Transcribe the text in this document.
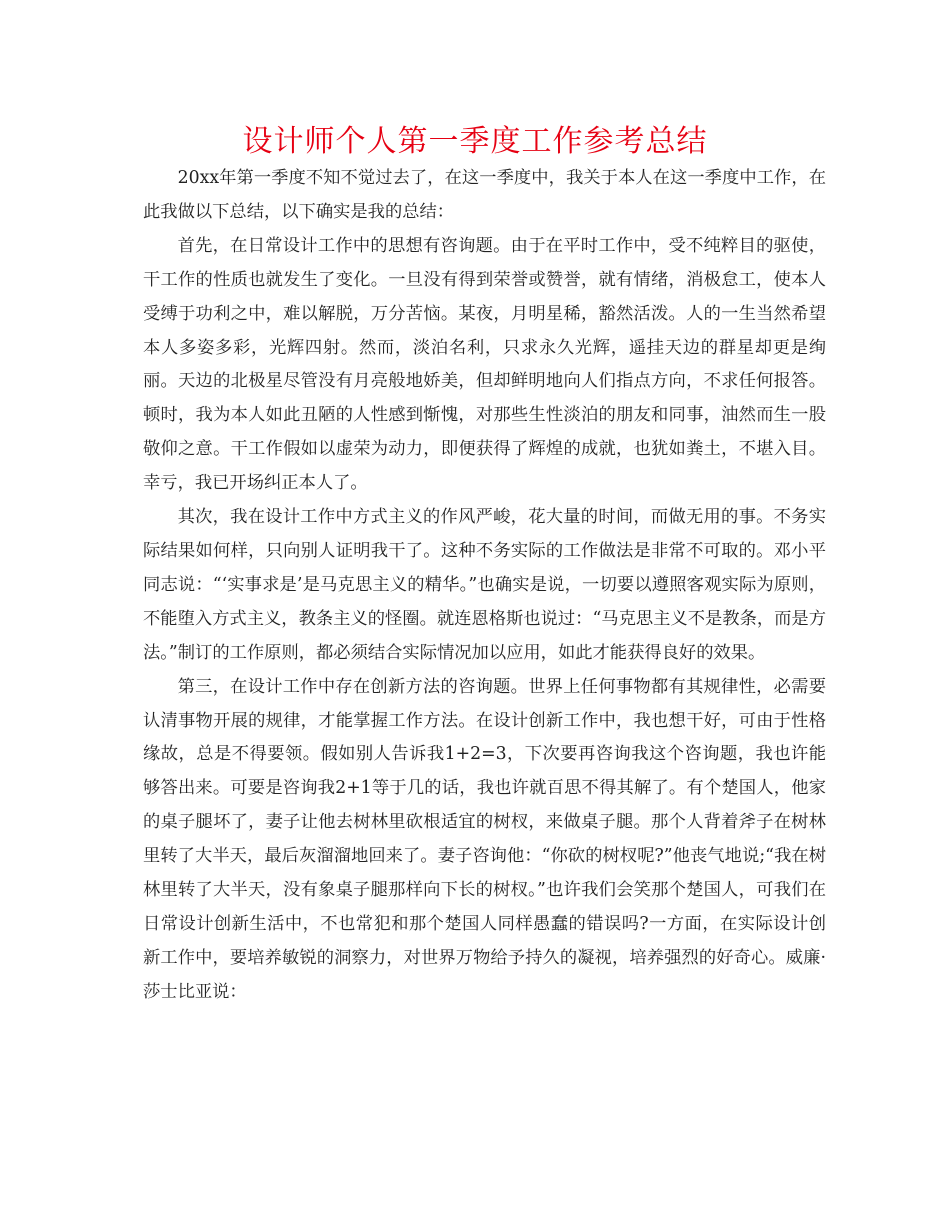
设计师个人第一季度工作参考总结

20xx年第一季度不知不觉过去了，在这一季度中，我关于本人在这一季度中工作，在此我做以下总结，以下确实是我的总结：

首先，在日常设计工作中的思想有咨询题。由于在平时工作中，受不纯粹目的驱使，干工作的性质也就发生了变化。一旦没有得到荣誉或赞誉，就有情绪，消极怠工，使本人受缚于功利之中，难以解脱，万分苦恼。某夜，月明星稀，豁然活泼。人的一生当然希望本人多姿多彩，光辉四射。然而，淡泊名利，只求永久光辉，遥挂天边的群星却更是绚丽。天边的北极星尽管没有月亮般地娇美，但却鲜明地向人们指点方向，不求任何报答。顿时，我为本人如此丑陋的人性感到惭愧，对那些生性淡泊的朋友和同事，油然而生一股敬仰之意。干工作假如以虚荣为动力，即便获得了辉煌的成就，也犹如粪土，不堪入目。幸亏，我已开场纠正本人了。

其次，我在设计工作中方式主义的作风严峻，花大量的时间，而做无用的事。不务实际结果如何样，只向别人证明我干了。这种不务实际的工作做法是非常不可取的。邓小平同志说：“‘实事求是’是马克思主义的精华。”也确实是说，一切要以遵照客观实际为原则，不能堕入方式主义，教条主义的怪圈。就连恩格斯也说过：“马克思主义不是教条，而是方法。”制订的工作原则，都必须结合实际情况加以应用，如此才能获得良好的效果。

第三，在设计工作中存在创新方法的咨询题。世界上任何事物都有其规律性，必需要认清事物开展的规律，才能掌握工作方法。在设计创新工作中，我也想干好，可由于性格缘故，总是不得要领。假如别人告诉我1+2=3，下次要再咨询我这个咨询题，我也许能够答出来。可要是咨询我2+1等于几的话，我也许就百思不得其解了。有个楚国人，他家的桌子腿坏了，妻子让他去树林里砍根适宜的树杈，来做桌子腿。那个人背着斧子在树林里转了大半天，最后灰溜溜地回来了。妻子咨询他：“你砍的树杈呢?”他丧气地说;“我在树林里转了大半天，没有象桌子腿那样向下长的树杈。”也许我们会笑那个楚国人，可我们在日常设计创新生活中，不也常犯和那个楚国人同样愚蠢的错误吗?一方面，在实际设计创新工作中，要培养敏锐的洞察力，对世界万物给予持久的凝视，培养强烈的好奇心。威廉·莎士比亚说：
